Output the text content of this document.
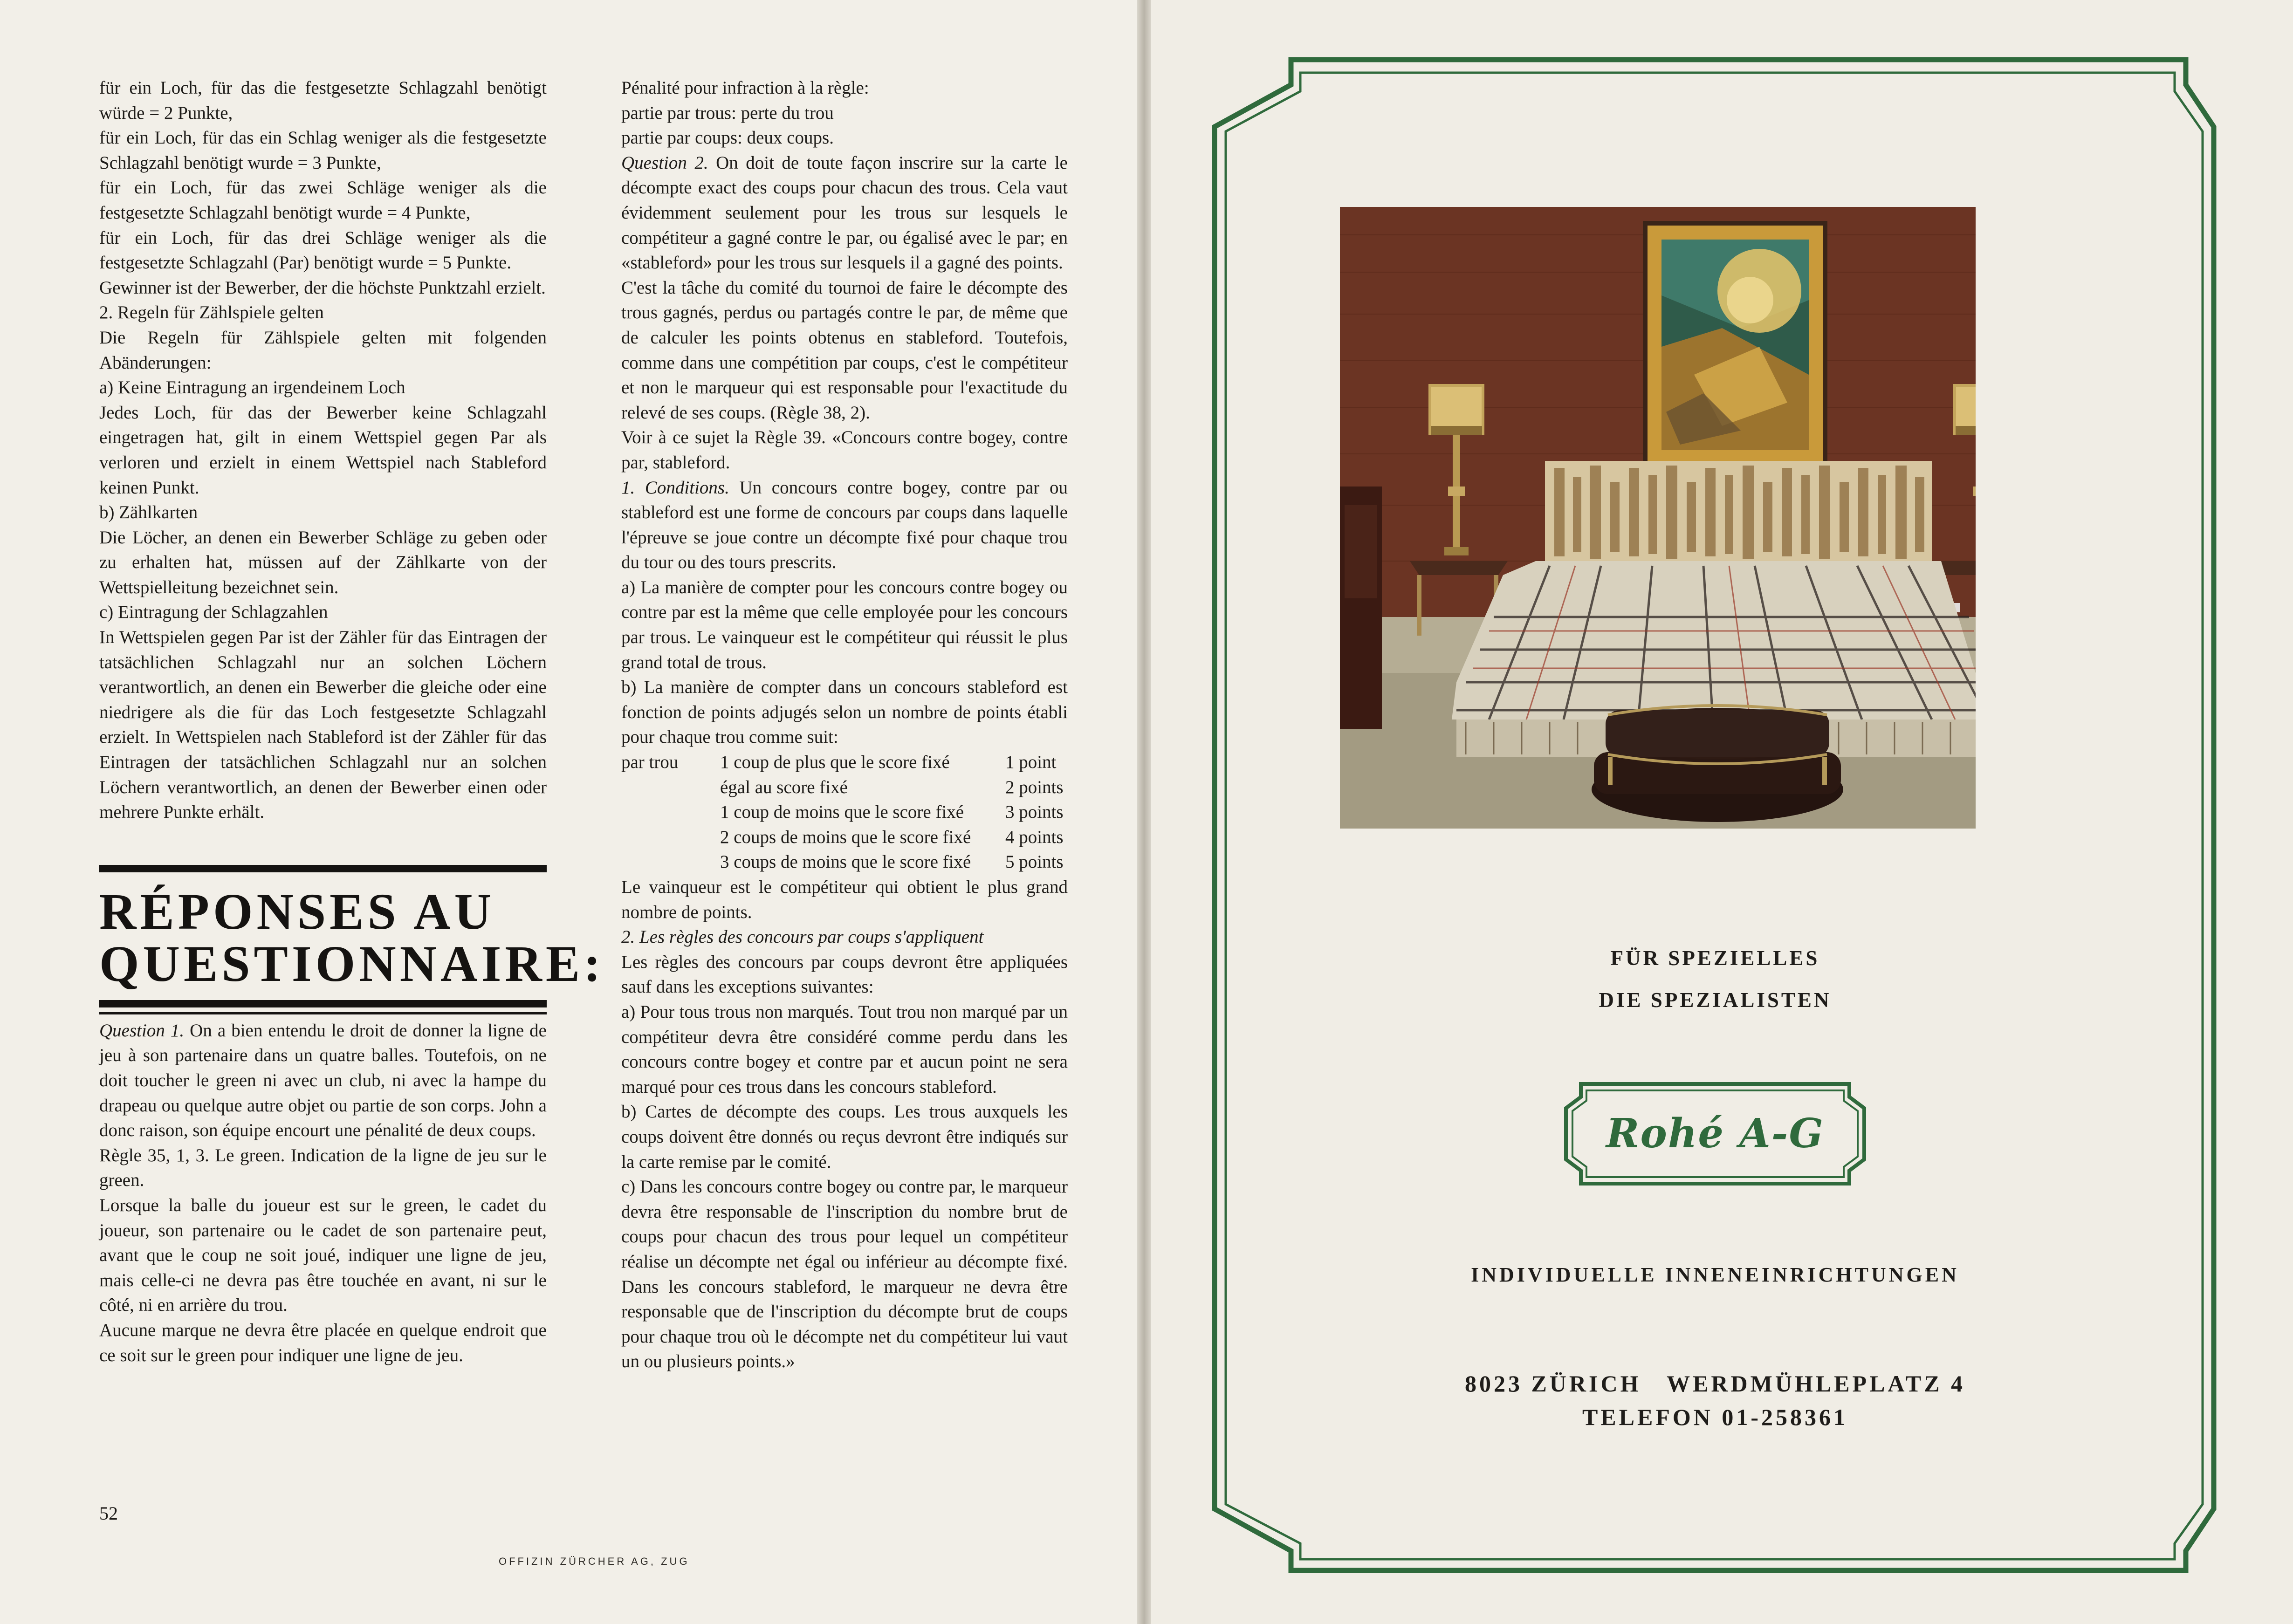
für ein Loch, für das die festgesetzte Schlagzahl benötigt würde = 2 Punkte,

für ein Loch, für das ein Schlag weniger als die festgesetzte Schlagzahl benötigt wurde = 3 Punkte,

für ein Loch, für das zwei Schläge weniger als die festgesetzte Schlagzahl benötigt wurde = 4 Punkte,

für ein Loch, für das drei Schläge weniger als die festgesetzte Schlagzahl (Par) benötigt wurde = 5 Punkte.

Gewinner ist der Bewerber, der die höchste Punktzahl erzielt.

2. Regeln für Zählspiele gelten

Die Regeln für Zählspiele gelten mit folgenden Abänderungen:

a) Keine Eintragung an irgendeinem Loch

Jedes Loch, für das der Bewerber keine Schlagzahl eingetragen hat, gilt in einem Wettspiel gegen Par als verloren und erzielt in einem Wettspiel nach Stableford keinen Punkt.

b) Zählkarten

Die Löcher, an denen ein Bewerber Schläge zu geben oder zu erhalten hat, müssen auf der Zählkarte von der Wettspielleitung bezeichnet sein.

c) Eintragung der Schlagzahlen

In Wettspielen gegen Par ist der Zähler für das Eintragen der tatsächlichen Schlagzahl nur an solchen Löchern verantwortlich, an denen ein Bewerber die gleiche oder eine niedrigere als die für das Loch festgesetzte Schlagzahl erzielt. In Wettspielen nach Stableford ist der Zähler für das Eintragen der tatsächlichen Schlagzahl nur an solchen Löchern verantwortlich, an denen der Bewerber einen oder mehrere Punkte erhält.

RÉPONSES AU
QUESTIONNAIRE:

Question 1. On a bien entendu le droit de donner la ligne de jeu à son partenaire dans un quatre balles. Toutefois, on ne doit toucher le green ni avec un club, ni avec la hampe du drapeau ou quelque autre objet ou partie de son corps. John a donc raison, son équipe encourt une pénalité de deux coups.

Règle 35, 1, 3. Le green. Indication de la ligne de jeu sur le green.

Lorsque la balle du joueur est sur le green, le cadet du joueur, son partenaire ou le cadet de son partenaire peut, avant que le coup ne soit joué, indiquer une ligne de jeu, mais celle-ci ne devra pas être touchée en avant, ni sur le côté, ni en arrière du trou.

Aucune marque ne devra être placée en quelque endroit que ce soit sur le green pour indiquer une ligne de jeu.

Pénalité pour infraction à la règle:

partie par trous: perte du trou

partie par coups: deux coups.

Question 2. On doit de toute façon inscrire sur la carte le décompte exact des coups pour chacun des trous. Cela vaut évidemment seulement pour les trous sur lesquels le compétiteur a gagné contre le par, ou égalisé avec le par; en «stableford» pour les trous sur lesquels il a gagné des points.

C'est la tâche du comité du tournoi de faire le décompte des trous gagnés, perdus ou partagés contre le par, de même que de calculer les points obtenus en stableford. Toutefois, comme dans une compétition par coups, c'est le compétiteur et non le marqueur qui est responsable pour l'exactitude du relevé de ses coups. (Règle 38, 2).

Voir à ce sujet la Règle 39. «Concours contre bogey, contre par, stableford.

1. Conditions. Un concours contre bogey, contre par ou stableford est une forme de concours par coups dans laquelle l'épreuve se joue contre un décompte fixé pour chaque trou du tour ou des tours prescrits.

a) La manière de compter pour les concours contre bogey ou contre par est la même que celle employée pour les concours par trous. Le vainqueur est le compétiteur qui réussit le plus grand total de trous.

b) La manière de compter dans un concours stableford est fonction de points adjugés selon un nombre de points établi pour chaque trou comme suit:

par trou	1 coup de plus que le score fixé	1 point
	égal au score fixé	2 points
	1 coup de moins que le score fixé	3 points
	2 coups de moins que le score fixé	4 points
	3 coups de moins que le score fixé	5 points

Le vainqueur est le compétiteur qui obtient le plus grand nombre de points.

2. Les règles des concours par coups s'appliquent

Les règles des concours par coups devront être appliquées sauf dans les exceptions suivantes:

a) Pour tous trous non marqués. Tout trou non marqué par un compétiteur devra être considéré comme perdu dans les concours contre bogey et contre par et aucun point ne sera marqué pour ces trous dans les concours stableford.

b) Cartes de décompte des coups. Les trous auxquels les coups doivent être donnés ou reçus devront être indiqués sur la carte remise par le comité.

c) Dans les concours contre bogey ou contre par, le marqueur devra être responsable de l'inscription du nombre brut de coups pour chacun des trous pour lequel un compétiteur réalise un décompte net égal ou inférieur au décompte fixé. Dans les concours stableford, le marqueur ne devra être responsable que de l'inscription du décompte brut de coups pour chaque trou où le décompte net du compétiteur lui vaut un ou plusieurs points.»

52
OFFIZIN ZÜRCHER AG, ZUG
FÜR SPEZIELLES
DIE SPEZIALISTEN
Rohé A-G
INDIVIDUELLE INNENEINRICHTUNGEN
8023 ZÜRICH   WERDMÜHLEPLATZ 4
TELEFON 01-258361
